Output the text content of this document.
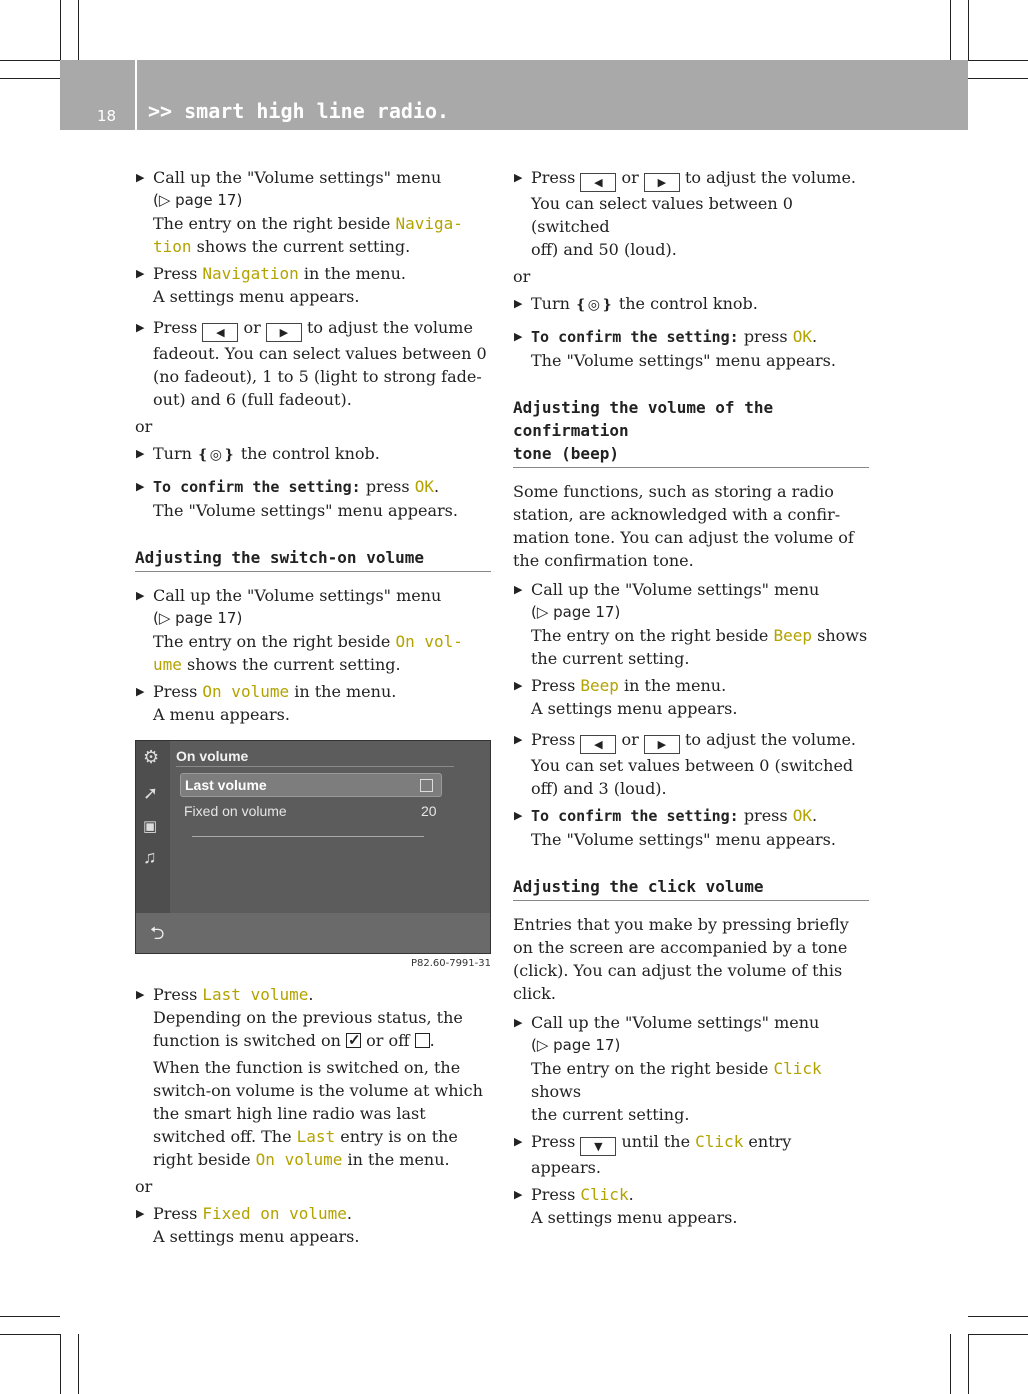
18 >> smart high line radio.
▶ Call up the "Volume settings" menu
(▷ page 17)
The entry on the right beside Naviga-
tion shows the current setting.
▶ Press Navigation in the menu.
A settings menu appears.
▶ Press ◀ or ▶ to adjust the volume
fadeout. You can select values between 0
(no fadeout), 1 to 5 (light to strong fade-
out) and 6 (full fadeout).
or
▶ Turn ❴◎❵ the control knob.
▶ To confirm the setting: press OK.
The "Volume settings" menu appears.
Adjusting the switch-on volume
▶ Call up the "Volume settings" menu
(▷ page 17)
The entry on the right beside On vol-
ume shows the current setting.
▶ Press On volume in the menu.
A menu appears.
⚙
➚
▣
♫
On volume
Last volume
Fixed on volume	20
⮌
P82.60-7991-31
▶ Press Last volume.
Depending on the previous status, the
function is switched on ✓ or off .
When the function is switched on, the
switch-on volume is the volume at which
the smart high line radio was last
switched off. The Last entry is on the
right beside On volume in the menu.
or
▶ Press Fixed on volume.
A settings menu appears.
▶ Press ◀ or ▶ to adjust the volume.
You can select values between 0 (switched
off) and 50 (loud).
or
▶ Turn ❴◎❵ the control knob.
▶ To confirm the setting: press OK.
The "Volume settings" menu appears.
Adjusting the volume of the confirmation
tone (beep)
Some functions, such as storing a radio
station, are acknowledged with a confir-
mation tone. You can adjust the volume of
the confirmation tone.
▶ Call up the "Volume settings" menu
(▷ page 17)
The entry on the right beside Beep shows
the current setting.
▶ Press Beep in the menu.
A settings menu appears.
▶ Press ◀ or ▶ to adjust the volume.
You can set values between 0 (switched
off) and 3 (loud).
▶ To confirm the setting: press OK.
The "Volume settings" menu appears.
Adjusting the click volume
Entries that you make by pressing briefly
on the screen are accompanied by a tone
(click). You can adjust the volume of this
click.
▶ Call up the "Volume settings" menu
(▷ page 17)
The entry on the right beside Click shows
the current setting.
▶ Press ▼ until the Click entry
appears.
▶ Press Click.
A settings menu appears.
